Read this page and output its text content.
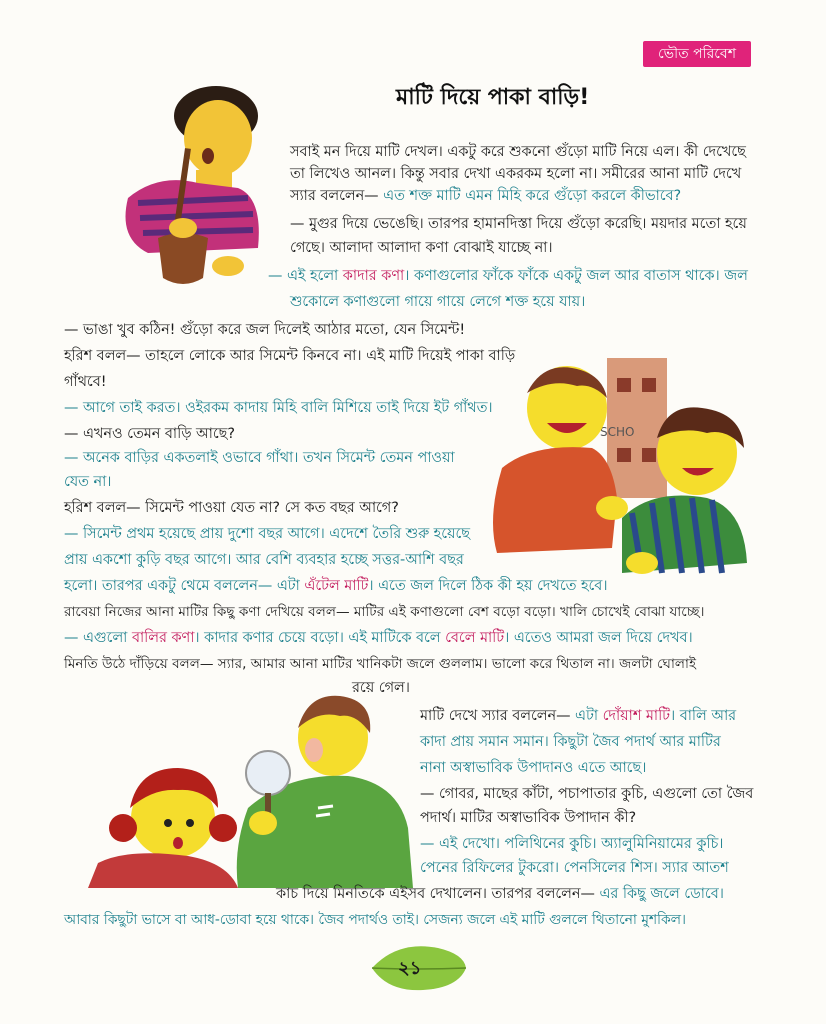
ভৌত পরিবেশ
মাটি দিয়ে পাকা বাড়ি!
SCHO
সবাই মন দিয়ে মাটি দেখল। একটু করে শুকনো গুঁড়ো মাটি নিয়ে এল। কী দেখেছে
তা লিখেও আনল। কিন্তু সবার দেখা একরকম হলো না। সমীরের আনা মাটি দেখে
স্যার বললেন— এত শক্ত মাটি এমন মিহি করে গুঁড়ো করলে কীভাবে?
— মুগুর দিয়ে ভেঙেছি। তারপর হামানদিস্তা দিয়ে গুঁড়ো করেছি। ময়দার মতো হয়ে
গেছে। আলাদা আলাদা কণা বোঝাই যাচ্ছে না।
— এই হলো কাদার কণা। কণাগুলোর ফাঁকে ফাঁকে একটু জল আর বাতাস থাকে। জল
শুকোলে কণাগুলো গায়ে গায়ে লেগে শক্ত হয়ে যায়।
— ভাঙা খুব কঠিন! গুঁড়ো করে জল দিলেই আঠার মতো, যেন সিমেন্ট!
হরিশ বলল— তাহলে লোকে আর সিমেন্ট কিনবে না। এই মাটি দিয়েই পাকা বাড়ি
গাঁথবে!
— আগে তাই করত। ওইরকম কাদায় মিহি বালি মিশিয়ে তাই দিয়ে ইট গাঁথত।
— এখনও তেমন বাড়ি আছে?
— অনেক বাড়ির একতলাই ওভাবে গাঁথা। তখন সিমেন্ট তেমন পাওয়া
যেত না।
হরিশ বলল— সিমেন্ট পাওয়া যেত না? সে কত বছর আগে?
— সিমেন্ট প্রথম হয়েছে প্রায় দুশো বছর আগে। এদেশে তৈরি শুরু হয়েছে
প্রায় একশো কুড়ি বছর আগে। আর বেশি ব্যবহার হচ্ছে সত্তর-আশি বছর
হলো। তারপর একটু থেমে বললেন— এটা এঁটেল মাটি। এতে জল দিলে ঠিক কী হয় দেখতে হবে।
রাবেয়া নিজের আনা মাটির কিছু কণা দেখিয়ে বলল— মাটির এই কণাগুলো বেশ বড়ো বড়ো। খালি চোখেই বোঝা যাচ্ছে।
— এগুলো বালির কণা। কাদার কণার চেয়ে বড়ো। এই মাটিকে বলে বেলে মাটি। এতেও আমরা জল দিয়ে দেখব।
মিনতি উঠে দাঁড়িয়ে বলল— স্যার, আমার আনা মাটির খানিকটা জলে গুললাম। ভালো করে থিতাল না। জলটা ঘোলাই
রয়ে গেল।
মাটি দেখে স্যার বললেন— এটা দোঁয়াশ মাটি। বালি আর
কাদা প্রায় সমান সমান। কিছুটা জৈব পদার্থ আর মাটির
নানা অস্বাভাবিক উপাদানও এতে আছে।
— গোবর, মাছের কাঁটা, পচাপাতার কুচি, এগুলো তো জৈব
পদার্থ। মাটির অস্বাভাবিক উপাদান কী?
— এই দেখো। পলিথিনের কুচি। অ্যালুমিনিয়ামের কুচি।
পেনের রিফিলের টুকরো। পেনসিলের শিস। স্যার আতশ
কাচ দিয়ে মিনতিকে এইসব দেখালেন। তারপর বললেন— এর কিছু জলে ডোবে।
আবার কিছুটা ভাসে বা আধ-ডোবা হয়ে থাকে। জৈব পদার্থও তাই। সেজন্য জলে এই মাটি গুললে থিতানো মুশকিল।
২১
